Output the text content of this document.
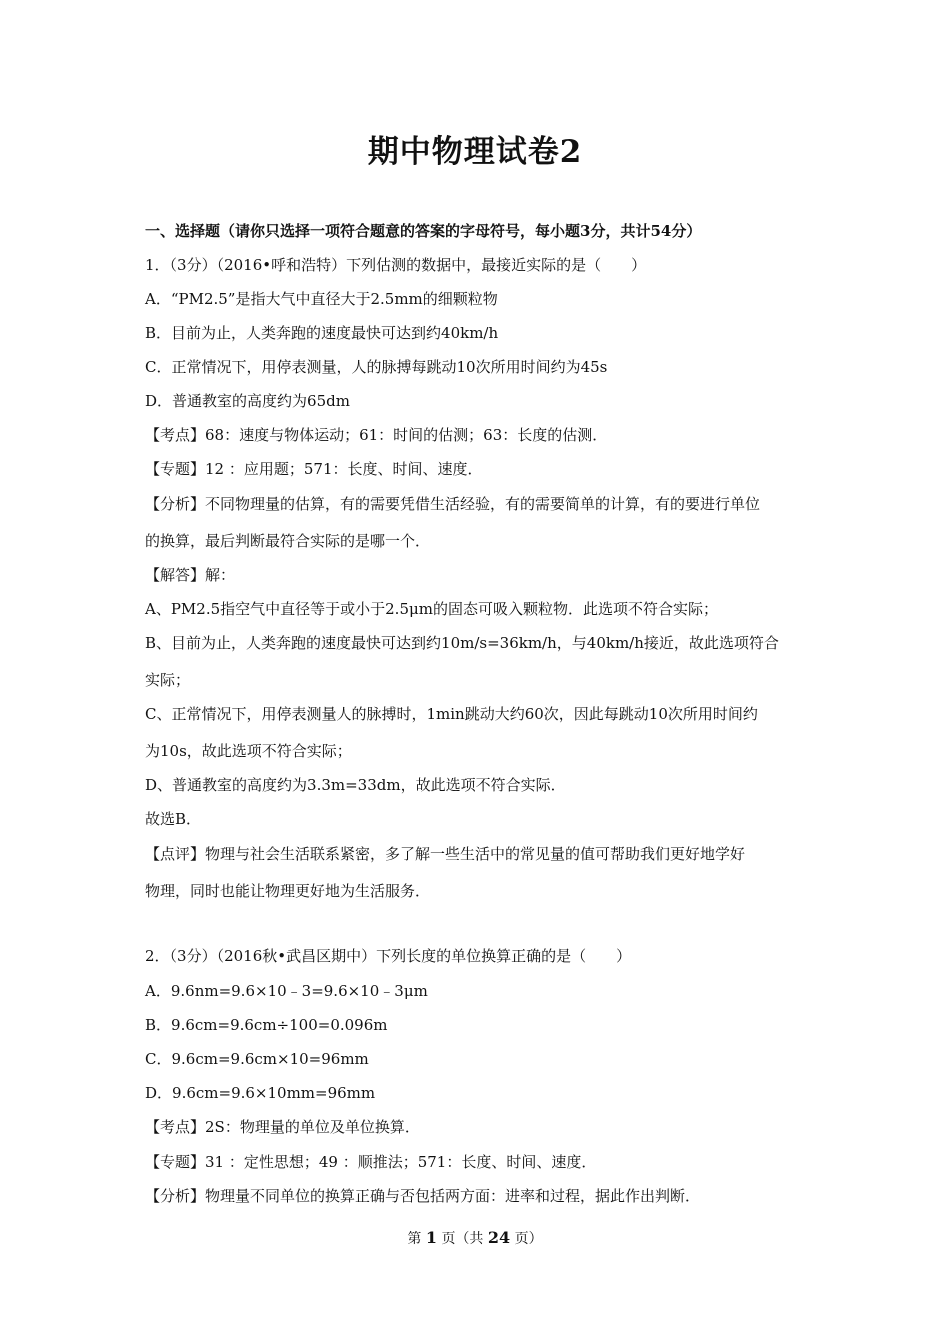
期中物理试卷2
一、选择题（请你只选择一项符合题意的答案的字母符号，每小题3分，共计54分）
1．（3分）（2016•呼和浩特）下列估测的数据中，最接近实际的是（　　）
A．“PM2.5”是指大气中直径大于2.5mm的细颗粒物
B．目前为止，人类奔跑的速度最快可达到约40km/h
C．正常情况下，用停表测量，人的脉搏每跳动10次所用时间约为45s
D．普通教室的高度约为65dm
【考点】68：速度与物体运动；61：时间的估测；63：长度的估测．
【专题】12 ：应用题；571：长度、时间、速度．
【分析】不同物理量的估算，有的需要凭借生活经验，有的需要简单的计算，有的要进行单位
的换算，最后判断最符合实际的是哪一个．
【解答】解：
A、PM2.5指空气中直径等于或小于2.5μm的固态可吸入颗粒物．此选项不符合实际；
B、目前为止，人类奔跑的速度最快可达到约10m/s=36km/h，与40km/h接近，故此选项符合
实际；
C、正常情况下，用停表测量人的脉搏时，1min跳动大约60次，因此每跳动10次所用时间约
为10s，故此选项不符合实际；
D、普通教室的高度约为3.3m=33dm，故此选项不符合实际．
故选B．
【点评】物理与社会生活联系紧密，多了解一些生活中的常见量的值可帮助我们更好地学好
物理，同时也能让物理更好地为生活服务．
2．（3分）（2016秋•武昌区期中）下列长度的单位换算正确的是（　　）
A．9.6nm=9.6×10﹣3=9.6×10﹣3μm
B．9.6cm=9.6cm÷100=0.096m
C．9.6cm=9.6cm×10=96mm
D．9.6cm=9.6×10mm=96mm
【考点】2S：物理量的单位及单位换算．
【专题】31 ：定性思想；49 ：顺推法；571：长度、时间、速度．
【分析】物理量不同单位的换算正确与否包括两方面：进率和过程，据此作出判断．
第 1 页（共 24 页）
